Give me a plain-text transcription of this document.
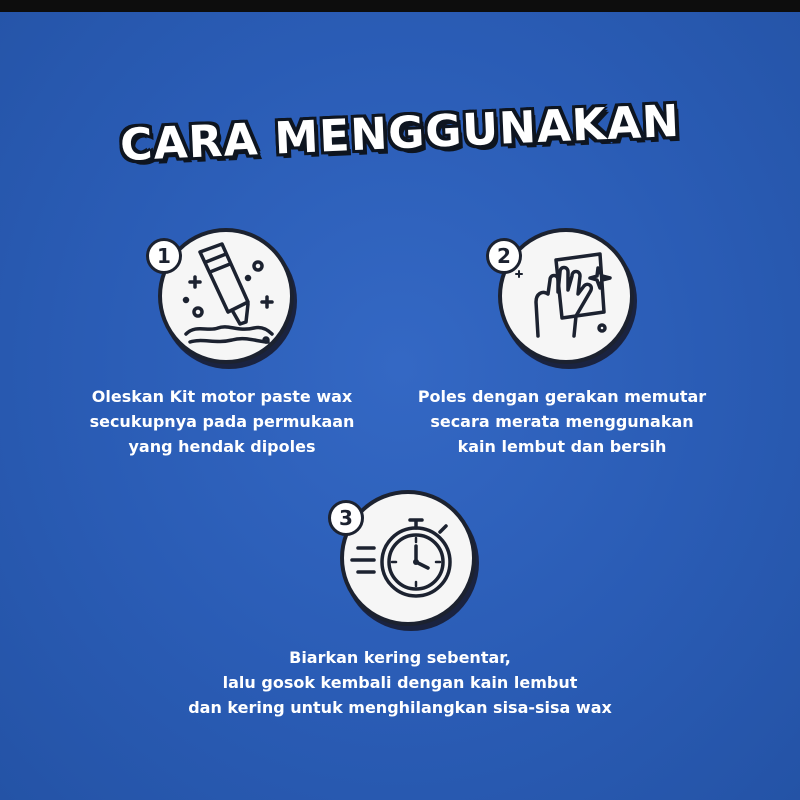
CARA MENGGUNAKAN
1
Oleskan Kit motor paste wax
secukupnya pada permukaan
yang hendak dipoles
2
Poles dengan gerakan memutar
secara merata menggunakan
kain lembut dan bersih
3
Biarkan kering sebentar,
lalu gosok kembali dengan kain lembut
dan kering untuk menghilangkan sisa-sisa wax
